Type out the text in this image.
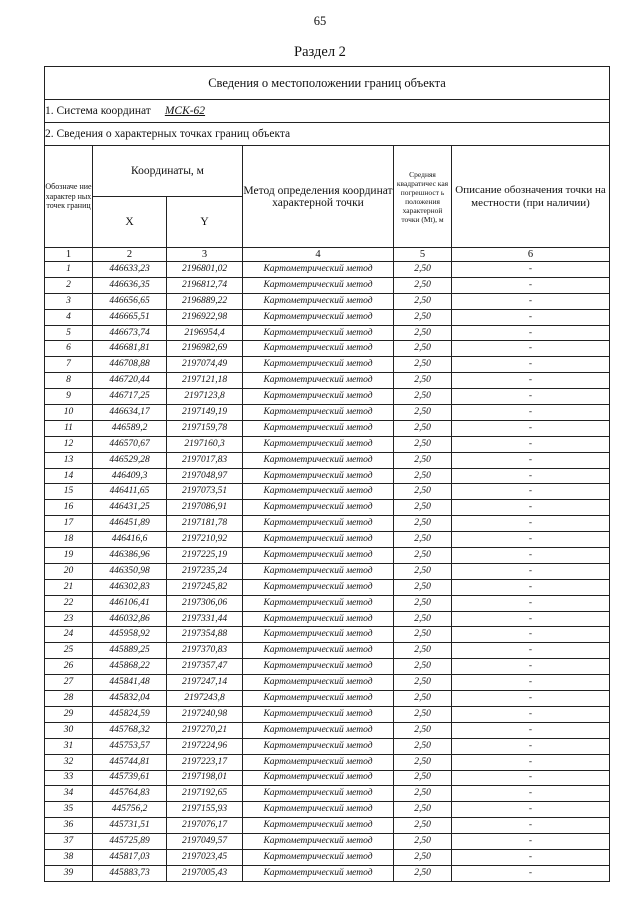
65
Раздел 2
Сведения о местоположении границ объекта					
1. Система координат МСК-62					
2. Сведения о характерных точках границ объекта					
Обозначе ние характер ных точек границ	Координаты, м		Метод определения координат характерной точки	Средняя квадратичес кая погрешност ь положения характерной точки (Mt), м	Описание обозначения точки на местности (при наличии)
	X	Y			
1	2	3	4	5	6
1	446633,23	2196801,02	Картометрический метод	2,50	-
2	446636,35	2196812,74	Картометрический метод	2,50	-
3	446656,65	2196889,22	Картометрический метод	2,50	-
4	446665,51	2196922,98	Картометрический метод	2,50	-
5	446673,74	2196954,4	Картометрический метод	2,50	-
6	446681,81	2196982,69	Картометрический метод	2,50	-
7	446708,88	2197074,49	Картометрический метод	2,50	-
8	446720,44	2197121,18	Картометрический метод	2,50	-
9	446717,25	2197123,8	Картометрический метод	2,50	-
10	446634,17	2197149,19	Картометрический метод	2,50	-
11	446589,2	2197159,78	Картометрический метод	2,50	-
12	446570,67	2197160,3	Картометрический метод	2,50	-
13	446529,28	2197017,83	Картометрический метод	2,50	-
14	446409,3	2197048,97	Картометрический метод	2,50	-
15	446411,65	2197073,51	Картометрический метод	2,50	-
16	446431,25	2197086,91	Картометрический метод	2,50	-
17	446451,89	2197181,78	Картометрический метод	2,50	-
18	446416,6	2197210,92	Картометрический метод	2,50	-
19	446386,96	2197225,19	Картометрический метод	2,50	-
20	446350,98	2197235,24	Картометрический метод	2,50	-
21	446302,83	2197245,82	Картометрический метод	2,50	-
22	446106,41	2197306,06	Картометрический метод	2,50	-
23	446032,86	2197331,44	Картометрический метод	2,50	-
24	445958,92	2197354,88	Картометрический метод	2,50	-
25	445889,25	2197370,83	Картометрический метод	2,50	-
26	445868,22	2197357,47	Картометрический метод	2,50	-
27	445841,48	2197247,14	Картометрический метод	2,50	-
28	445832,04	2197243,8	Картометрический метод	2,50	-
29	445824,59	2197240,98	Картометрический метод	2,50	-
30	445768,32	2197270,21	Картометрический метод	2,50	-
31	445753,57	2197224,96	Картометрический метод	2,50	-
32	445744,81	2197223,17	Картометрический метод	2,50	-
33	445739,61	2197198,01	Картометрический метод	2,50	-
34	445764,83	2197192,65	Картометрический метод	2,50	-
35	445756,2	2197155,93	Картометрический метод	2,50	-
36	445731,51	2197076,17	Картометрический метод	2,50	-
37	445725,89	2197049,57	Картометрический метод	2,50	-
38	445817,03	2197023,45	Картометрический метод	2,50	-
39	445883,73	2197005,43	Картометрический метод	2,50	-
